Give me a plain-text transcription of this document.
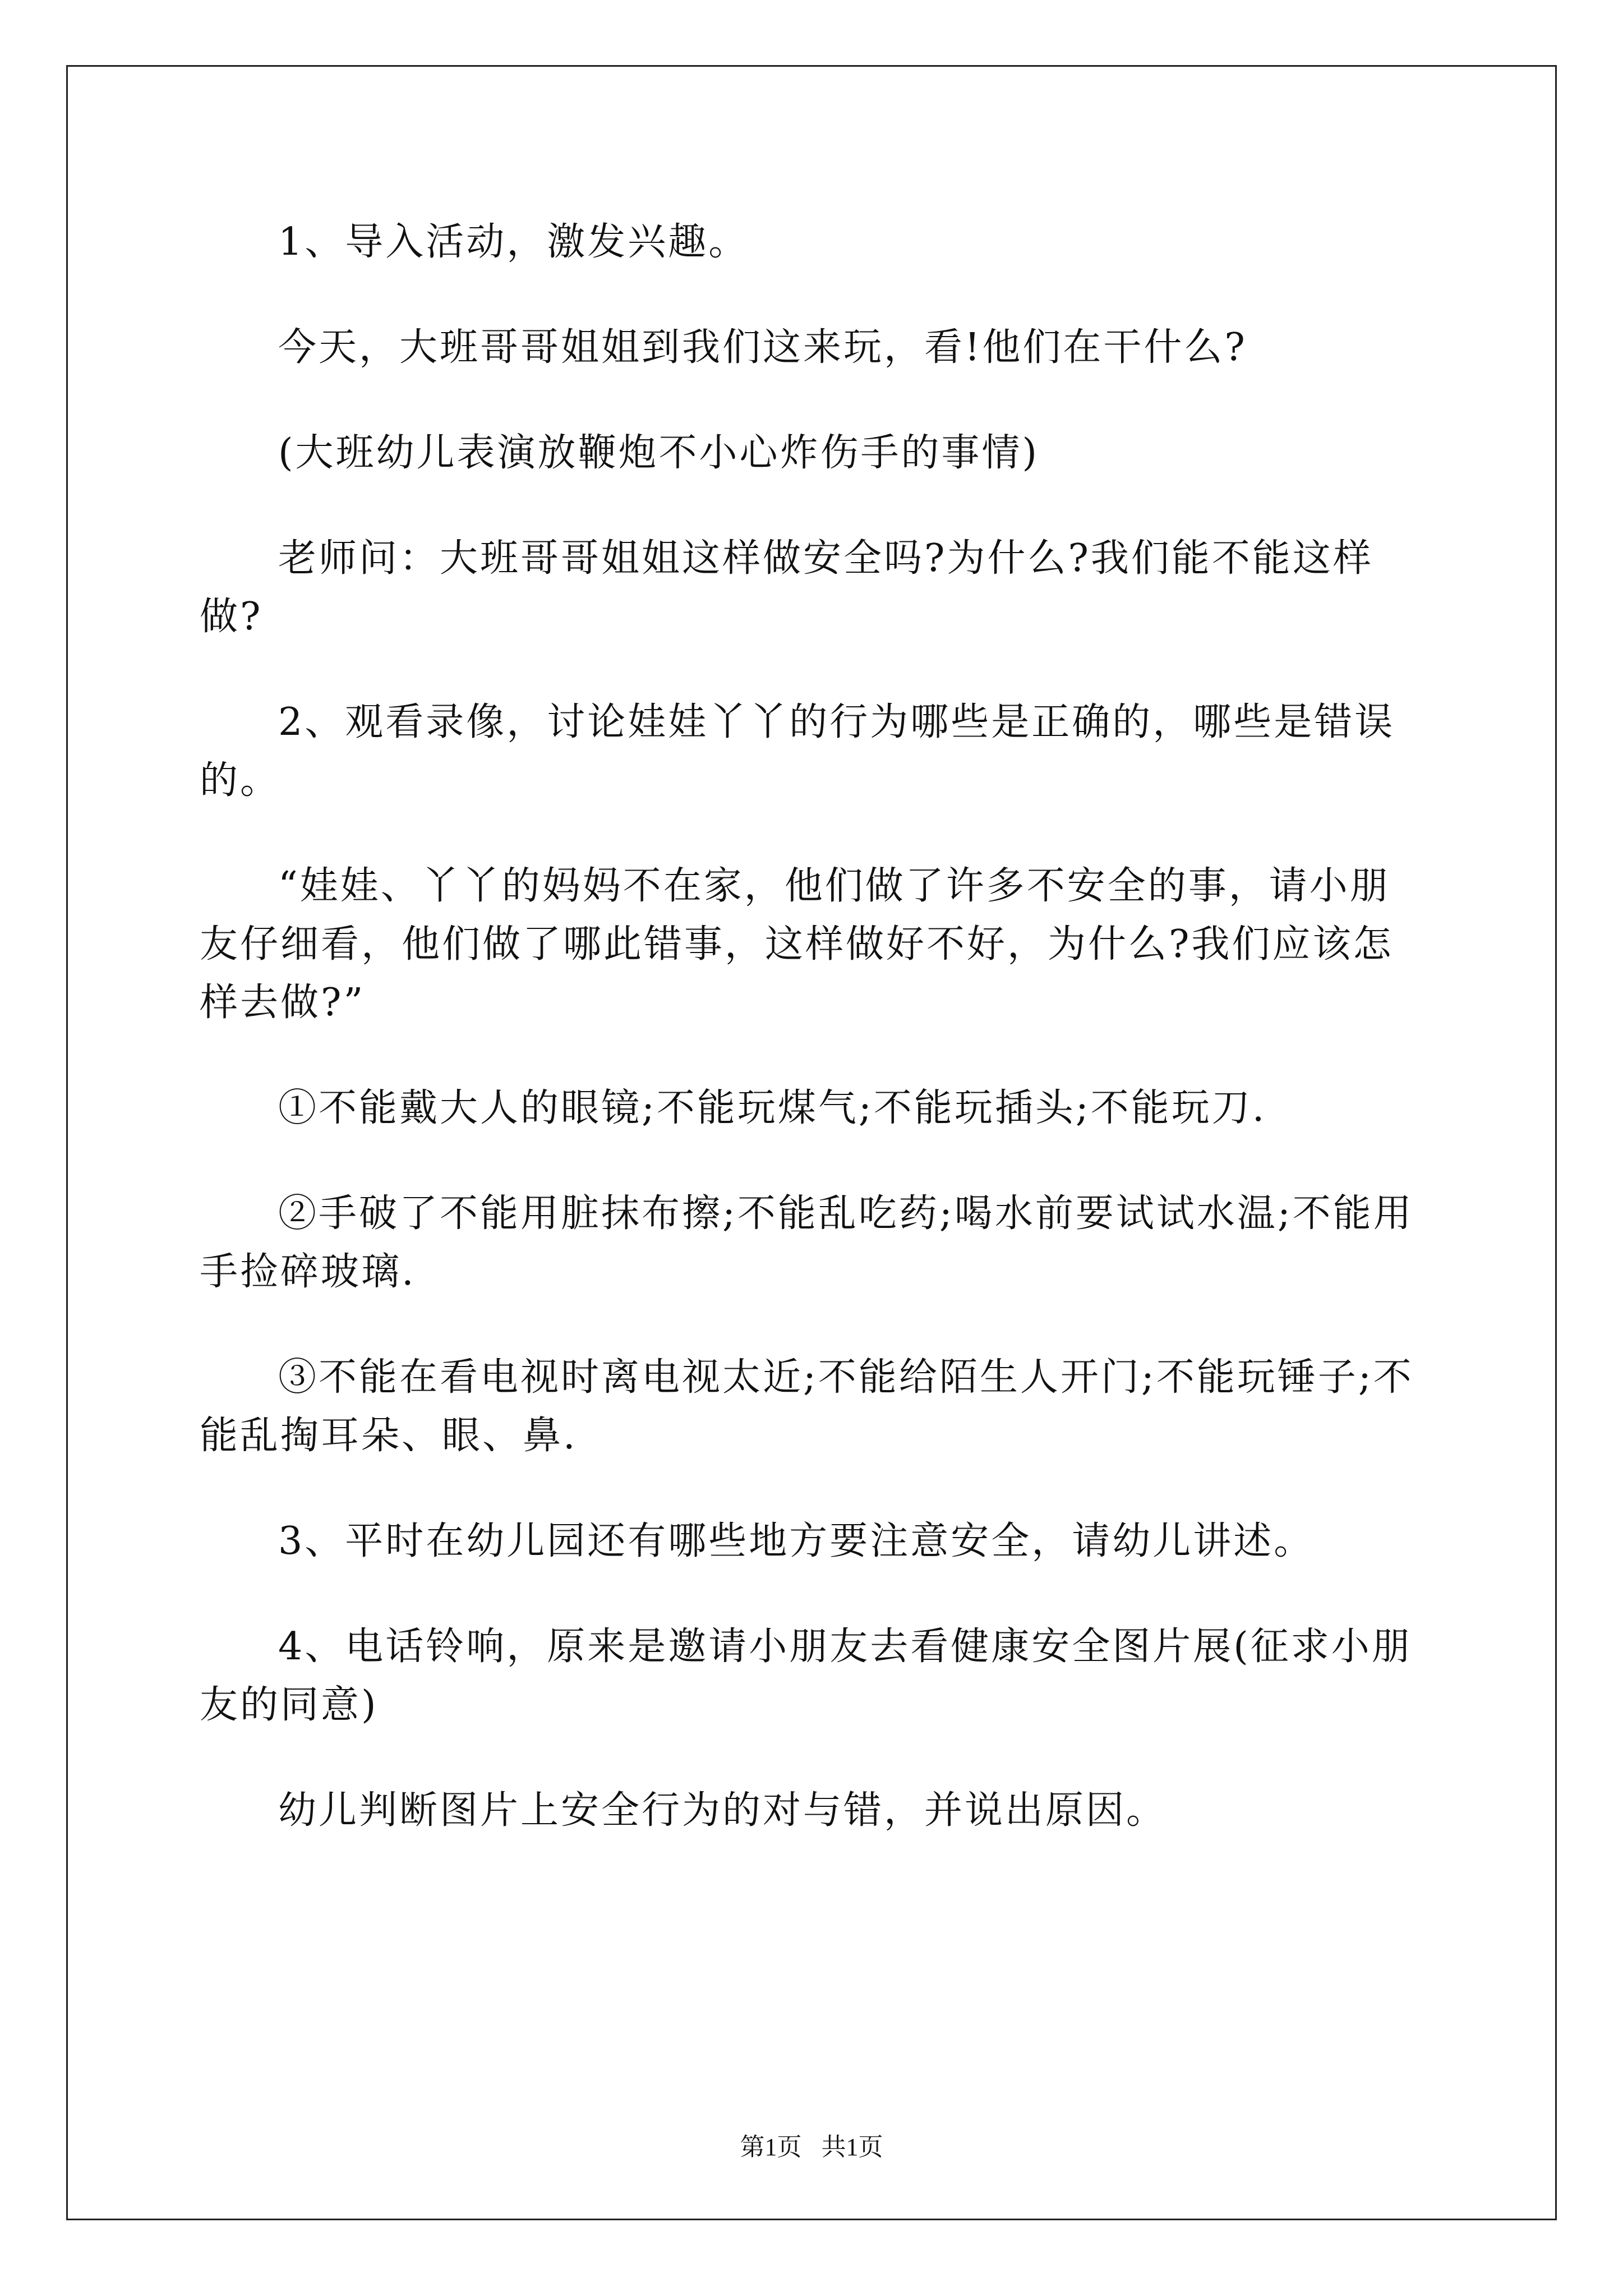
1、导入活动，激发兴趣。

今天，大班哥哥姐姐到我们这来玩，看!他们在干什么?

(大班幼儿表演放鞭炮不小心炸伤手的事情)

老师问：大班哥哥姐姐这样做安全吗?为什么?我们能不能这样做?

2、观看录像，讨论娃娃丫丫的行为哪些是正确的，哪些是错误的。

“娃娃、丫丫的妈妈不在家，他们做了许多不安全的事，请小朋友仔细看，他们做了哪此错事，这样做好不好，为什么?我们应该怎样去做?”

①不能戴大人的眼镜;不能玩煤气;不能玩插头;不能玩刀.

②手破了不能用脏抹布擦;不能乱吃药;喝水前要试试水温;不能用手捡碎玻璃.

③不能在看电视时离电视太近;不能给陌生人开门;不能玩锤子;不能乱掏耳朵、眼、鼻.

3、平时在幼儿园还有哪些地方要注意安全，请幼儿讲述。

4、电话铃响，原来是邀请小朋友去看健康安全图片展(征求小朋友的同意)

幼儿判断图片上安全行为的对与错，并说出原因。

第1页 共1页
